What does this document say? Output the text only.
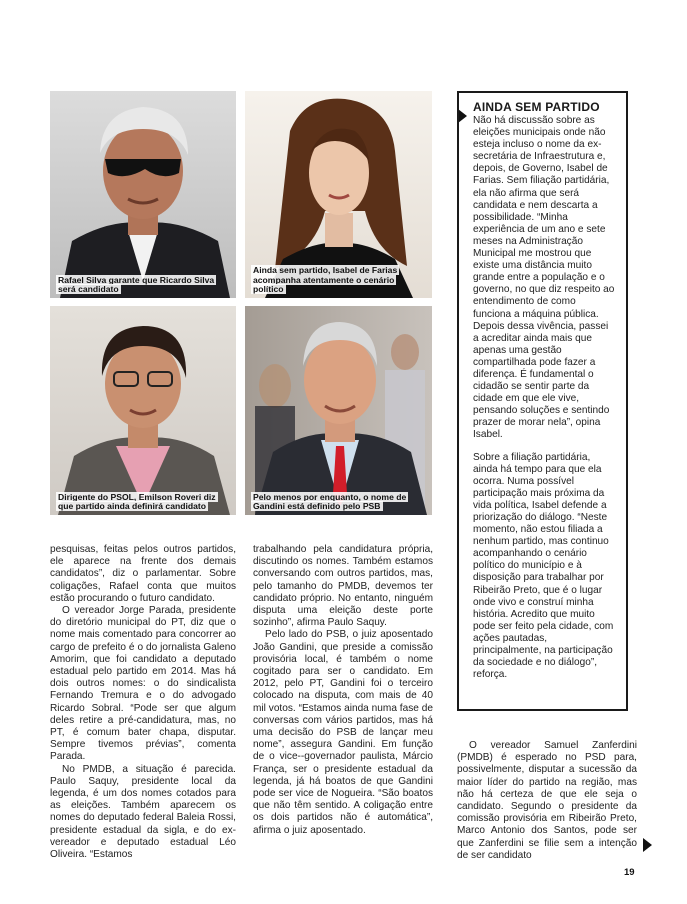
Rafael Silva garante que Ricardo Silva será candidato
Ainda sem partido, Isabel de Farias acompanha atentamente o cenário político
Dirigente do PSOL, Emilson Roveri diz que partido ainda definirá candidato
Pelo menos por enquanto, o nome de Gandini está definido pelo PSB
AINDA SEM PARTIDO

Não há discussão sobre as eleições municipais onde não esteja incluso o nome da ex-secretária de Infraestrutura e, depois, de Governo, Isabel de Farias. Sem filiação partidária, ela não afirma que será candidata e nem descarta a possibilidade. “Minha experiência de um ano e sete meses na Administração Municipal me mostrou que existe uma distância muito grande entre a população e o governo, no que diz respeito ao entendimento de como funciona a máquina pública. Depois dessa vivência, passei a acreditar ainda mais que apenas uma gestão compartilhada pode fazer a diferença. É fundamental o cidadão se sentir parte da cidade em que ele vive, pensando soluções e sentindo prazer de morar nela”, opina Isabel.

Sobre a filiação partidária, ainda há tempo para que ela ocorra. Numa possível participação mais próxima da vida política, Isabel defende a priorização do diálogo. “Neste momento, não estou filiada a nenhum partido, mas continuo acompanhando o cenário político do município e à disposição para trabalhar por Ribeirão Preto, que é o lugar onde vivo e construí minha história. Acredito que muito pode ser feito pela cidade, com ações pautadas, principalmente, na participação da sociedade e no diálogo”, reforça.

pesquisas, feitas pelos outros partidos, ele aparece na frente dos demais candidatos”, diz o parlamentar. Sobre coligações, Rafael conta que muitos estão procurando o futuro candidato.

O vereador Jorge Parada, presidente do diretório municipal do PT, diz que o nome mais comentado para concorrer ao cargo de prefeito é o do jornalista Galeno Amorim, que foi candidato a deputado estadual pelo partido em 2014. Mas há dois outros nomes: o do sindicalista Fernando Tremura e o do advogado Ricardo Sobral. “Pode ser que algum deles retire a pré-candidatura, mas, no PT, é comum bater chapa, disputar. Sempre tivemos prévias”, comenta Parada.

No PMDB, a situação é parecida. Paulo Saquy, presidente local da legenda, é um dos nomes cotados para as eleições. Também aparecem os nomes do deputado federal Baleia Rossi, presidente estadual da sigla, e do ex-vereador e deputado estadual Léo Oliveira. “Estamos

trabalhando pela candidatura própria, discutindo os nomes. Também estamos conversando com outros partidos, mas, pelo tamanho do PMDB, devemos ter candidato próprio. No entanto, ninguém disputa uma eleição deste porte sozinho”, afirma Paulo Saquy.

Pelo lado do PSB, o juiz aposentado João Gandini, que preside a comissão provisória local, é também o nome cogitado para ser o candidato. Em 2012, pelo PT, Gandini foi o terceiro colocado na disputa, com mais de 40 mil votos. “Estamos ainda numa fase de conversas com vários partidos, mas há uma decisão do PSB de lançar meu nome”, assegura Gandini. Em função de o vice--governador paulista, Márcio França, ser o presidente estadual da legenda, já há boatos de que Gandini pode ser vice de Nogueira. “São boatos que não têm sentido. A coligação entre os dois partidos não é automática”, afirma o juiz aposentado.

O vereador Samuel Zanferdini (PMDB) é esperado no PSD para, possivelmente, disputar a sucessão da maior líder do partido na região, mas não há certeza de que ele seja o candidato. Segundo o presidente da comissão provisória em Ribeirão Preto, Marco Antonio dos Santos, pode ser que Zanferdini se filie sem a intenção de ser candidato

19
